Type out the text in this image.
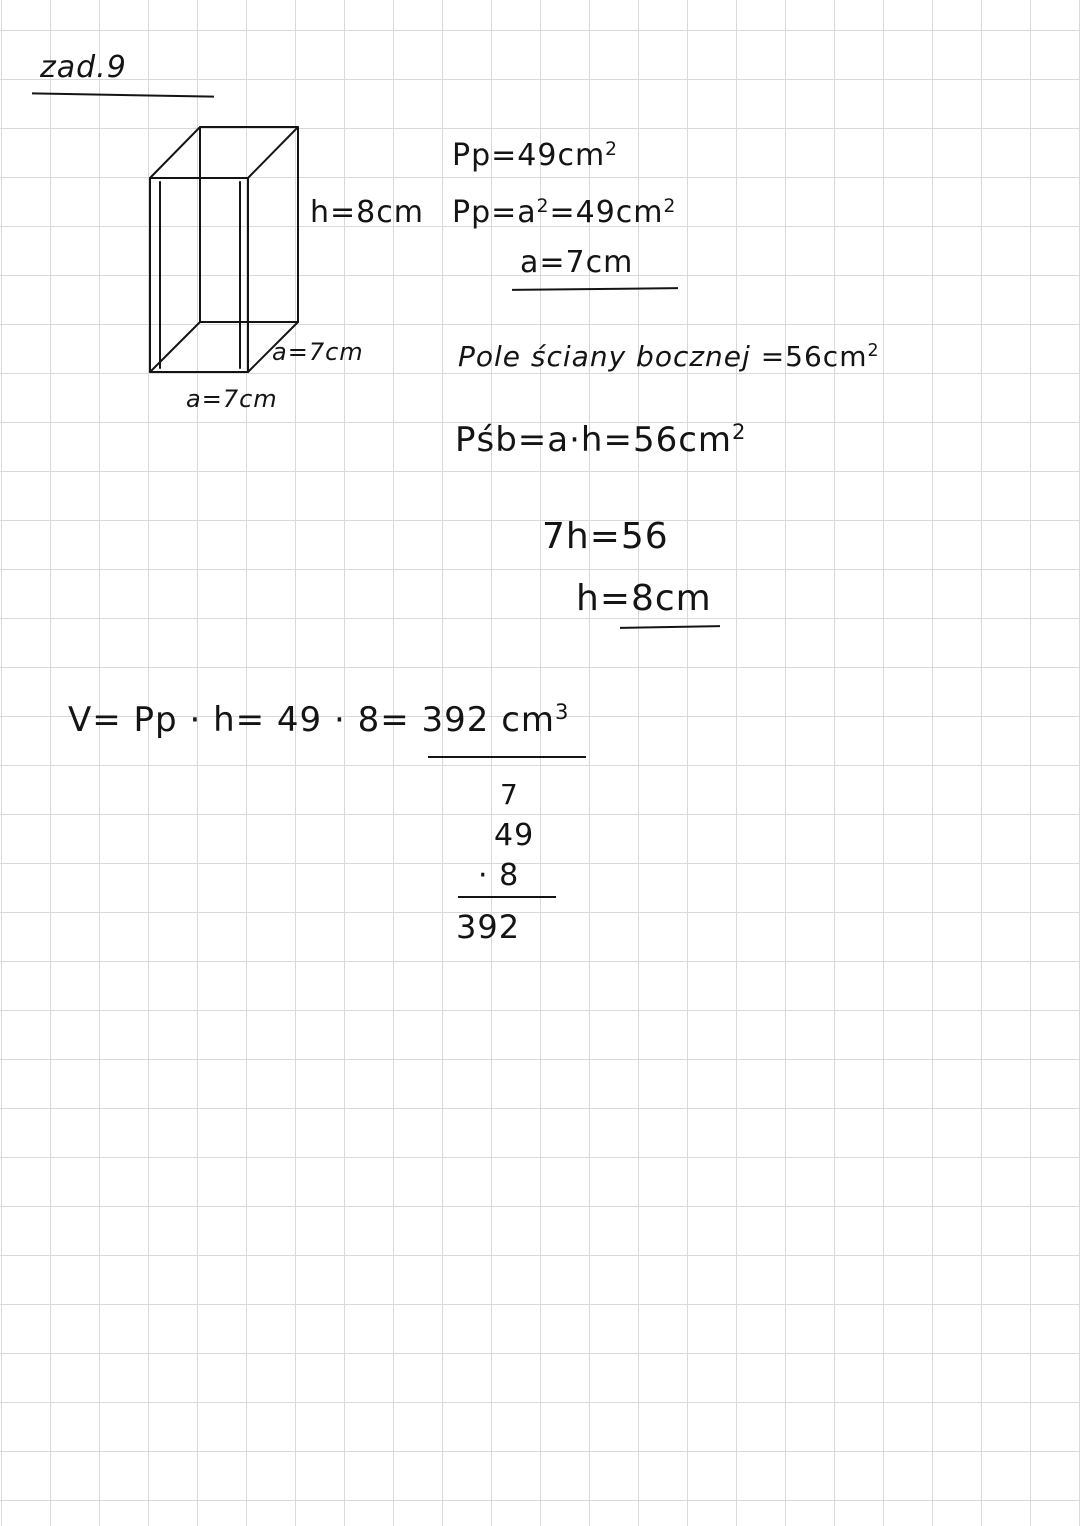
zad.9
h=8cm
a=7cm
a=7cm
$Pp=49cm^2$
$Pp=a^2=49cm^2$
a=7cm
Pole ściany bocznej $=56cm^2$
$Pśb=a\cdot h=56cm^2$
7h=56
h=8cm
V= Pp · h= 49 · 8= 392 $cm^3$
7
49
· 8
392
